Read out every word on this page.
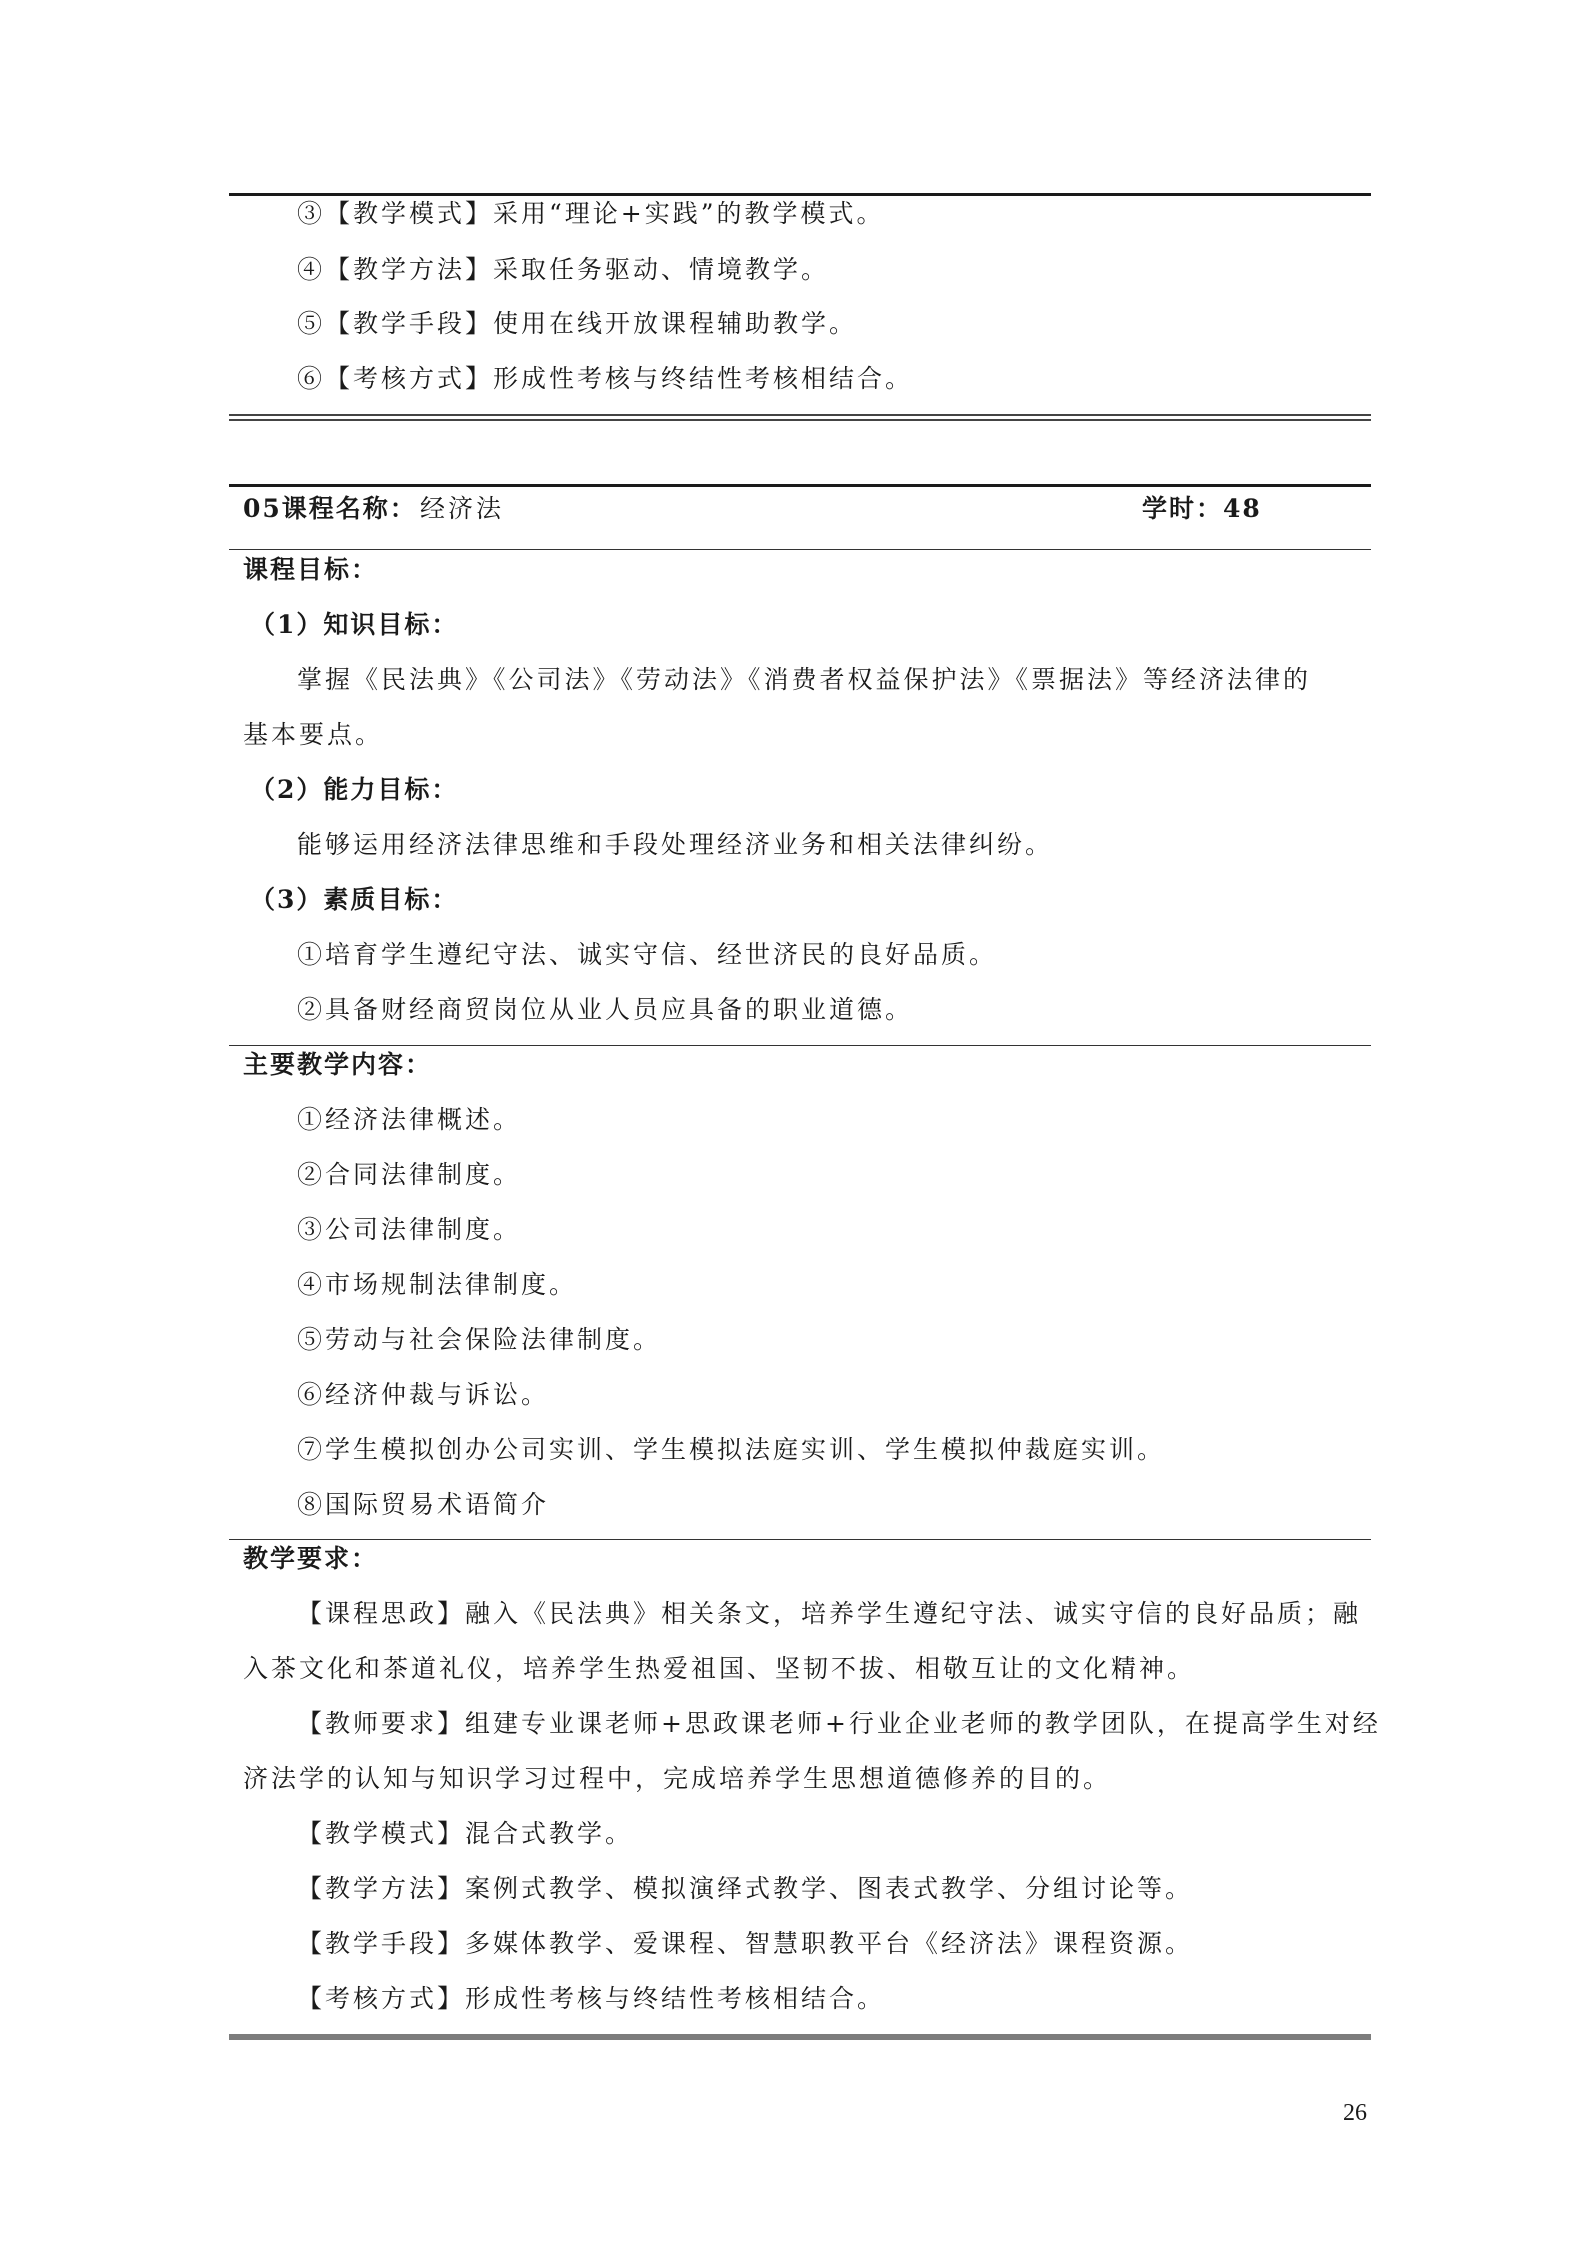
③【教学模式】采用“理论+实践”的教学模式。
④【教学方法】采取任务驱动、情境教学。
⑤【教学手段】使用在线开放课程辅助教学。
⑥【考核方式】形成性考核与终结性考核相结合。
05课程名称： 经济法	学时：48
课程目标：
（1）知识目标：
掌握《民法典》《公司法》《劳动法》《消费者权益保护法》《票据法》等经济法律的
基本要点。
（2）能力目标：
能够运用经济法律思维和手段处理经济业务和相关法律纠纷。
（3）素质目标：
①培育学生遵纪守法、诚实守信、经世济民的良好品质。
②具备财经商贸岗位从业人员应具备的职业道德。
主要教学内容：
①经济法律概述。
②合同法律制度。
③公司法律制度。
④市场规制法律制度。
⑤劳动与社会保险法律制度。
⑥经济仲裁与诉讼。
⑦学生模拟创办公司实训、学生模拟法庭实训、学生模拟仲裁庭实训。
⑧国际贸易术语简介
教学要求：
【课程思政】融入《民法典》相关条文，培养学生遵纪守法、诚实守信的良好品质；融
入茶文化和茶道礼仪，培养学生热爱祖国、坚韧不拔、相敬互让的文化精神。
【教师要求】组建专业课老师+思政课老师+行业企业老师的教学团队，在提高学生对经
济法学的认知与知识学习过程中，完成培养学生思想道德修养的目的。
【教学模式】混合式教学。
【教学方法】案例式教学、模拟演绎式教学、图表式教学、分组讨论等。
【教学手段】多媒体教学、爱课程、智慧职教平台《经济法》课程资源。
【考核方式】形成性考核与终结性考核相结合。
26
